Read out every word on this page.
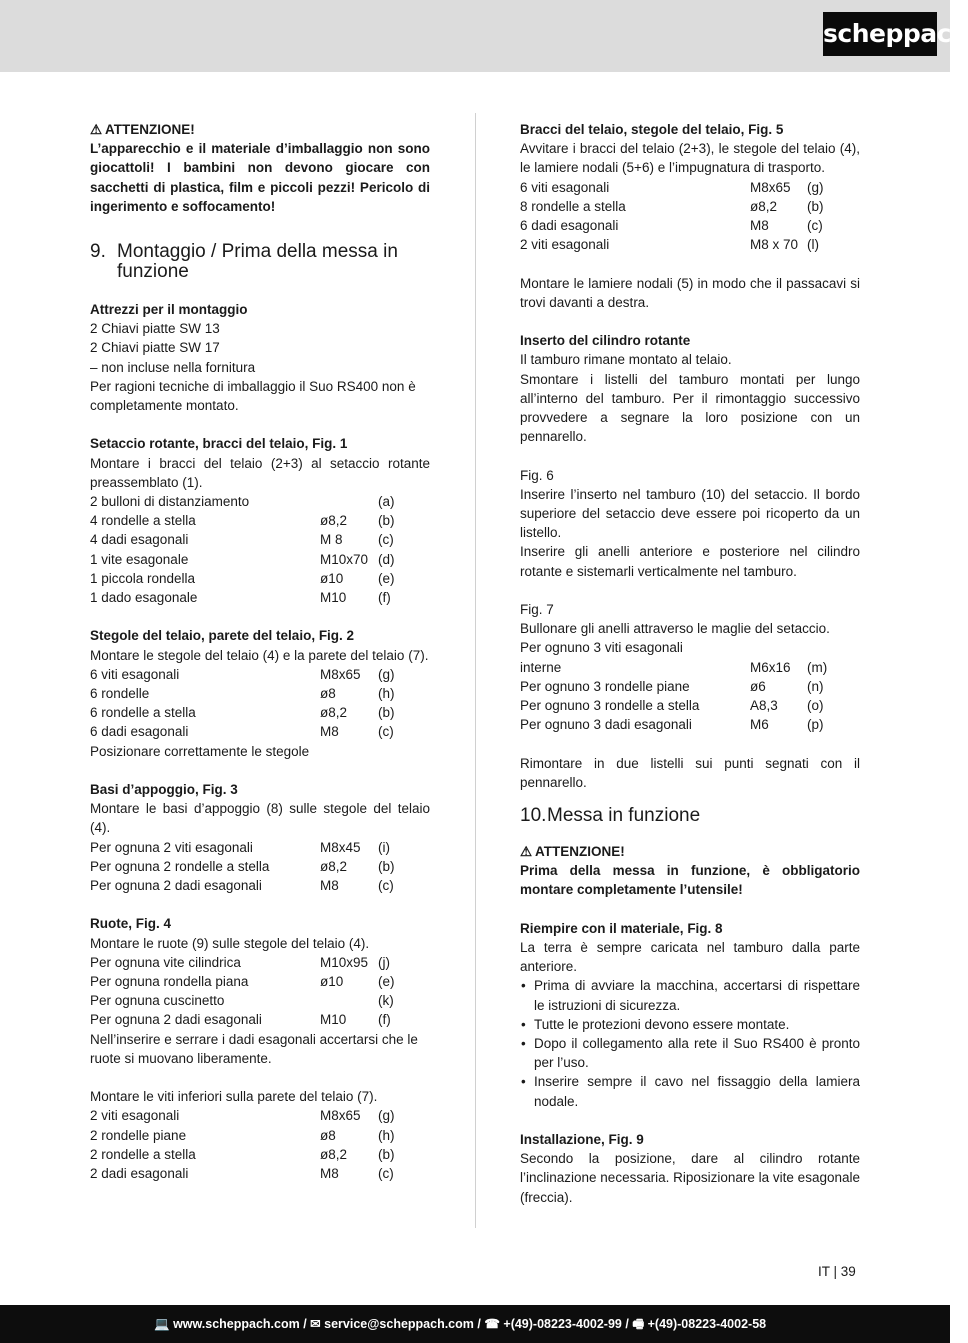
scheppach

⚠ ATTENZIONE!

L’apparecchio e il materiale d’imballaggio non sono giocattoli! I bambini non devono giocare con sacchetti di plastica, film e piccoli pezzi! Pericolo di ingerimento e soffocamento!

9. Montaggio / Prima della messa in funzione

Attrezzi per il montaggio

2 Chiavi piatte SW 13

2 Chiavi piatte SW 17

– non incluse nella fornitura

Per ragioni tecniche di imballaggio il Suo RS400 non è completamente montato.

Setaccio rotante, bracci del telaio, Fig. 1

Montare i bracci del telaio (2+3) al setaccio rotante preassemblato (1).

2 bulloni di distanziamento	(a)
4 rondelle a stella	ø8,2	(b)
4 dadi esagonali	M 8	(c)
1 vite esagonale	M10x70 (d)
1 piccola rondella	ø10	(e)
1 dado esagonale	M10	(f)

Stegole del telaio, parete del telaio, Fig. 2

Montare le stegole del telaio (4) e la parete del telaio (7).

6 viti esagonali	M8x65	(g)
6 rondelle	ø8	(h)
6 rondelle a stella	ø8,2	(b)
6 dadi esagonali	M8	(c)

Posizionare correttamente le stegole

Basi d’appoggio, Fig. 3

Montare le basi d’appoggio (8) sulle stegole del telaio (4).

Per ognuna 2 viti esagonali	M8x45	(i)
Per ognuna 2 rondelle a stella	ø8,2	(b)
Per ognuna 2 dadi esagonali	M8	(c)

Ruote, Fig. 4

Montare le ruote (9) sulle stegole del telaio (4).

Per ognuna vite cilindrica	M10x95 (j)
Per ognuna rondella piana	ø10	(e)
Per ognuna cuscinetto	(k)
Per ognuna 2 dadi esagonali	M10	(f)

Nell’inserire e serrare i dadi esagonali accertarsi che le ruote si muovano liberamente.

Montare le viti inferiori sulla parete del telaio (7).

2 viti esagonali	M8x65	(g)
2 rondelle piane	ø8	(h)
2 rondelle a stella	ø8,2	(b)
2 dadi esagonali	M8	(c)

Bracci del telaio, stegole del telaio, Fig. 5

Avvitare i bracci del telaio (2+3), le stegole del telaio (4), le lamiere nodali (5+6) e l’impugnatura di trasporto.

6 viti esagonali	M8x65	(g)
8 rondelle a stella	ø8,2	(b)
6 dadi esagonali	M8	(c)
2 viti esagonali	M8 x 70 (l)

Montare le lamiere nodali (5) in modo che il passacavi si trovi davanti a destra.

Inserto del cilindro rotante

Il tamburo rimane montato al telaio.

Smontare i listelli del tamburo montati per lungo all’interno del tamburo. Per il rimontaggio successivo provvedere a segnare la loro posizione con un pennarello.

Fig. 6

Inserire l’inserto nel tamburo (10) del setaccio. Il bordo superiore del setaccio deve essere poi ricoperto da un listello.

Inserire gli anelli anteriore e posteriore nel cilindro rotante e sistemarli verticalmente nel tamburo.

Fig. 7

Bullonare gli anelli attraverso le maglie del setaccio.

Per ognuno 3 viti esagonali

interne	M6x16	(m)
Per ognuno 3 rondelle piane	ø6	(n)
Per ognuno 3 rondelle a stella	A8,3	(o)
Per ognuno 3 dadi esagonali	M6	(p)

Rimontare in due listelli sui punti segnati con il pennarello.

10. Messa in funzione

⚠ ATTENZIONE!

Prima della messa in funzione, è obbligatorio montare completamente l’utensile!

Riempire con il materiale, Fig. 8

La terra è sempre caricata nel tamburo dalla parte anteriore.

• Prima di avviare la macchina, accertarsi di rispettare le istruzioni di sicurezza.
• Tutte le protezioni devono essere montate.
• Dopo il collegamento alla rete il Suo RS400 è pronto per l’uso.
• Inserire sempre il cavo nel fissaggio della lamiera nodale.

Installazione, Fig. 9

Secondo la posizione, dare al cilindro rotante l’inclinazione necessaria. Riposizionare la vite esagonale (freccia).

IT | 39
💻 www.scheppach.com / ✉ service@scheppach.com / ☎ +(49)-08223-4002-99 / 🖷 +(49)-08223-4002-58
